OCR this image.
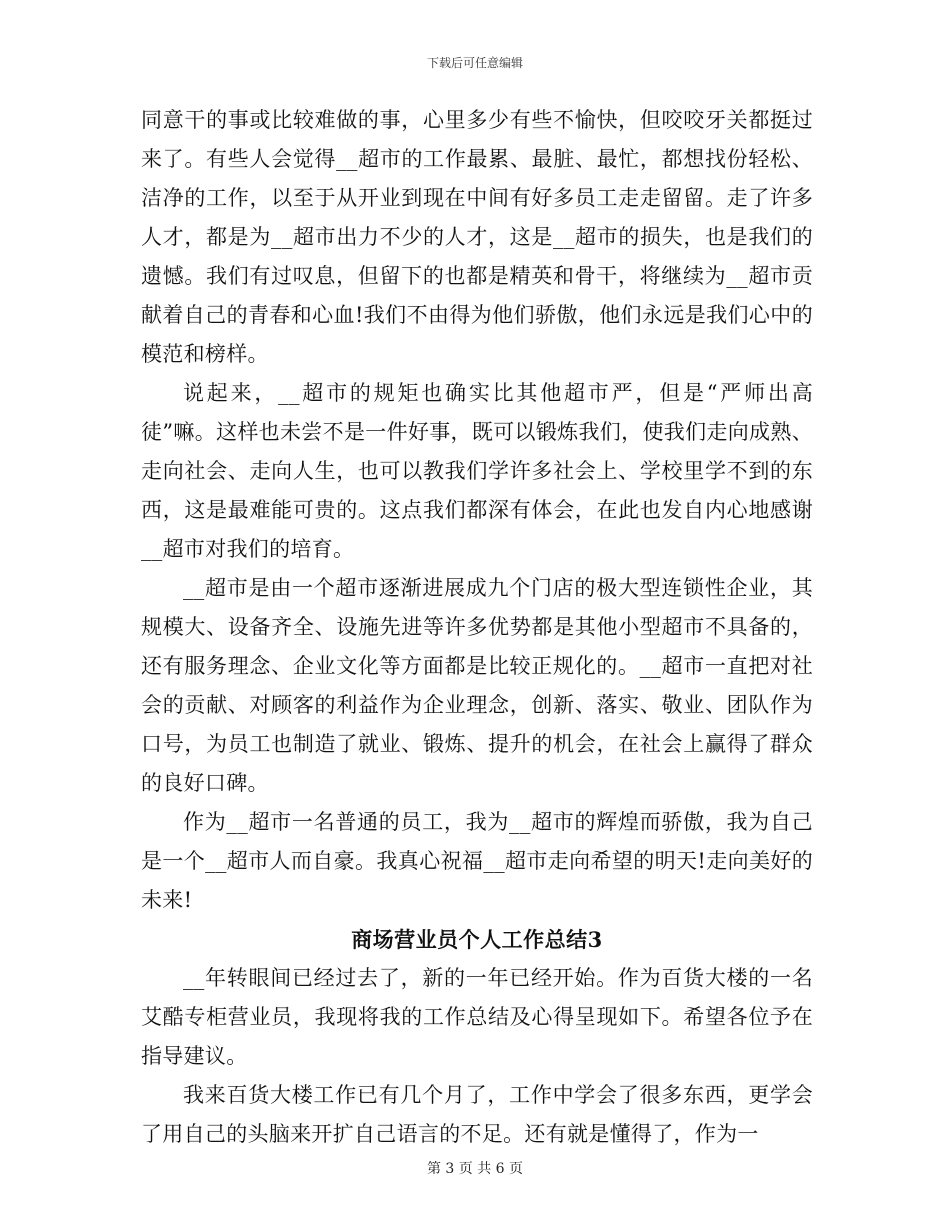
下载后可任意编辑

同意干的事或比较难做的事，心里多少有些不愉快，但咬咬牙关都挺过来了。有些人会觉得__超市的工作最累、最脏、最忙，都想找份轻松、洁净的工作，以至于从开业到现在中间有好多员工走走留留。走了许多人才，都是为__超市出力不少的人才，这是__超市的损失，也是我们的遗憾。我们有过叹息，但留下的也都是精英和骨干，将继续为__超市贡献着自己的青春和心血!我们不由得为他们骄傲，他们永远是我们心中的模范和榜样。

说起来，__超市的规矩也确实比其他超市严，但是“严师出高徒”嘛。这样也未尝不是一件好事，既可以锻炼我们，使我们走向成熟、走向社会、走向人生，也可以教我们学许多社会上、学校里学不到的东西，这是最难能可贵的。这点我们都深有体会，在此也发自内心地感谢__超市对我们的培育。

__超市是由一个超市逐渐进展成九个门店的极大型连锁性企业，其规模大、设备齐全、设施先进等许多优势都是其他小型超市不具备的，还有服务理念、企业文化等方面都是比较正规化的。__超市一直把对社会的贡献、对顾客的利益作为企业理念，创新、落实、敬业、团队作为口号，为员工也制造了就业、锻炼、提升的机会，在社会上赢得了群众的良好口碑。

作为__超市一名普通的员工，我为__超市的辉煌而骄傲，我为自己是一个__超市人而自豪。我真心祝福__超市走向希望的明天!走向美好的未来!

商场营业员个人工作总结3

__年转眼间已经过去了，新的一年已经开始。作为百货大楼的一名艾酷专柜营业员，我现将我的工作总结及心得呈现如下。希望各位予在指导建议。

我来百货大楼工作已有几个月了，工作中学会了很多东西，更学会了用自己的头脑来开扩自己语言的不足。还有就是懂得了，作为一

第 3 页 共 6 页
